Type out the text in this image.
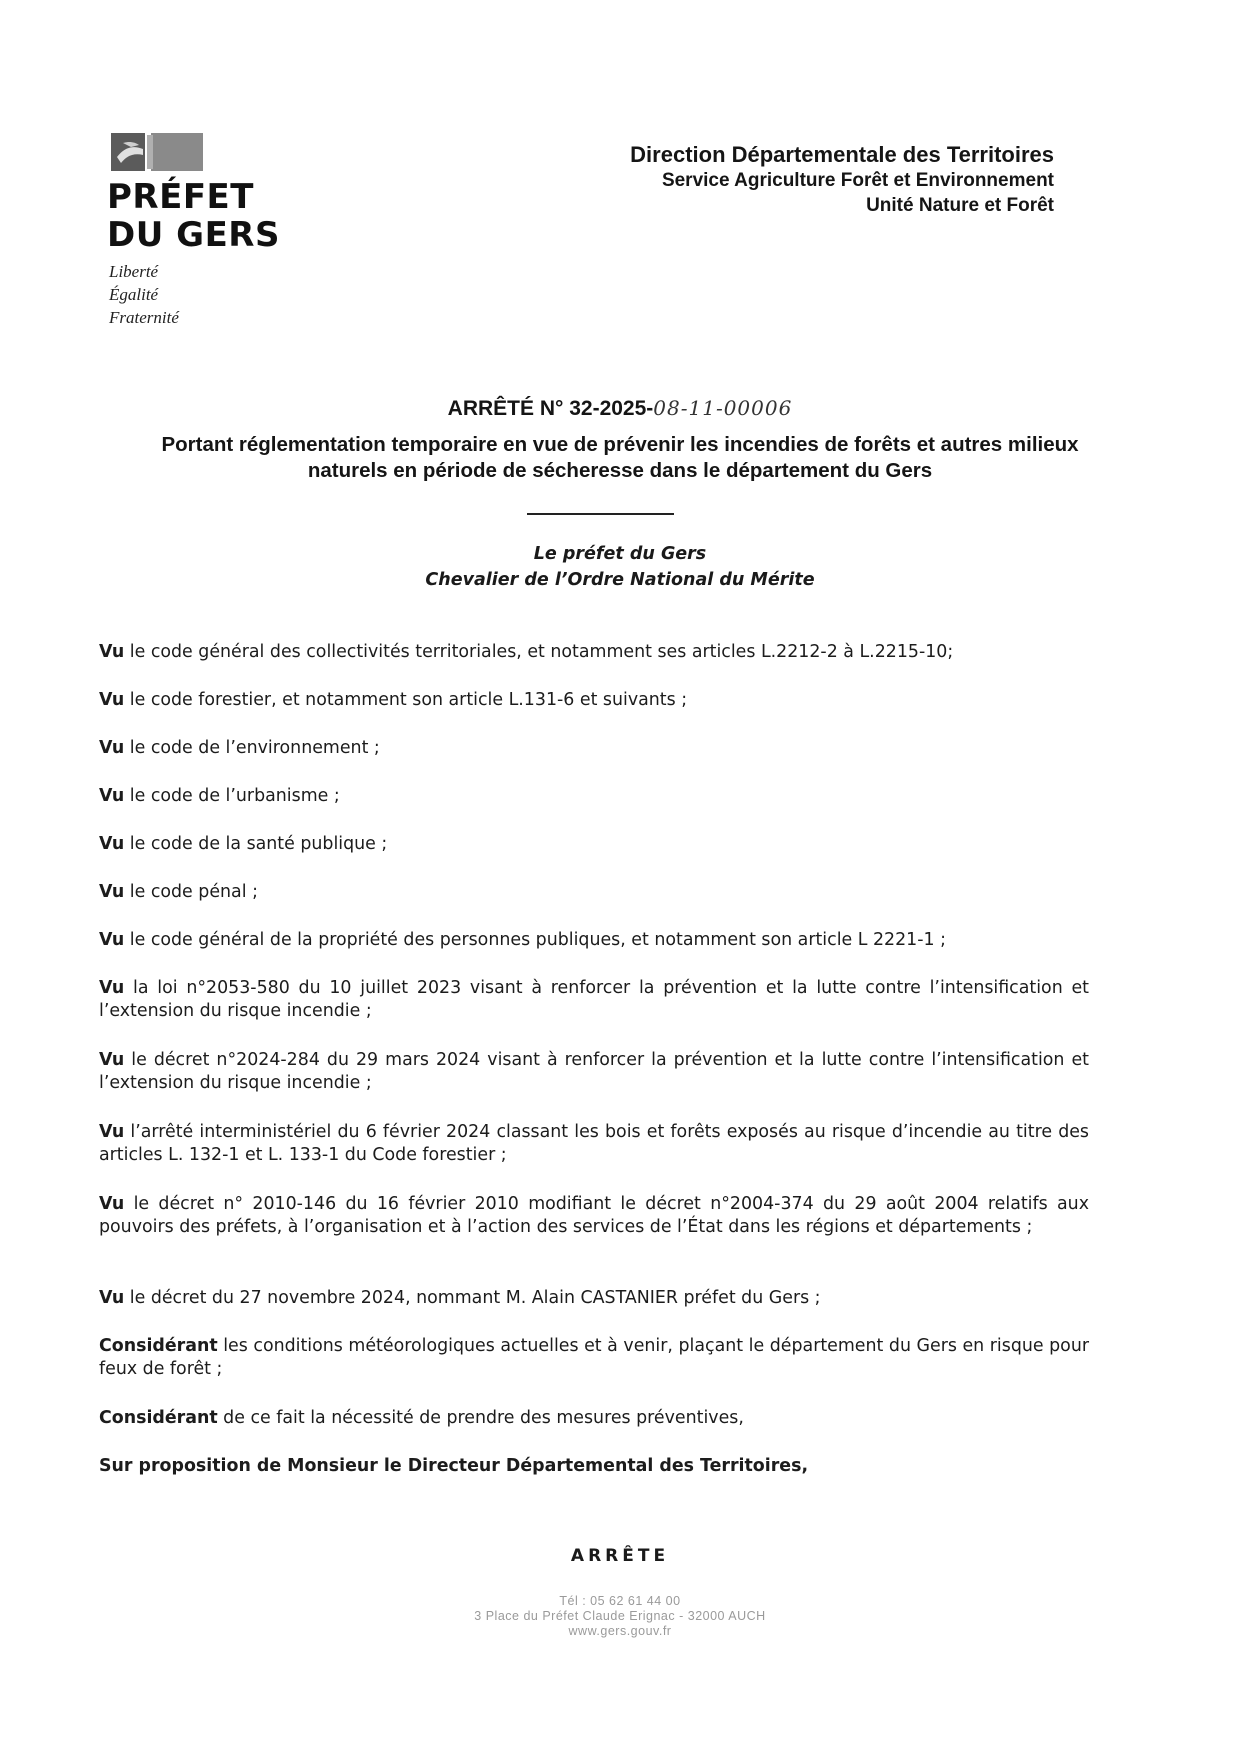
PRÉFET
DU GERS
Liberté
Égalité
Fraternité
Direction Départementale des Territoires
Service Agriculture Forêt et Environnement
Unité Nature et Forêt
ARRÊTÉ N° 32-2025-08-11-00006
Portant réglementation temporaire en vue de prévenir les incendies de forêts et autres milieux
naturels en période de sécheresse dans le département du Gers
Le préfet du Gers
Chevalier de l’Ordre National du Mérite
Vu le code général des collectivités territoriales, et notamment ses articles L.2212-2 à L.2215-10;
Vu le code forestier, et notamment son article L.131-6 et suivants ;
Vu le code de l’environnement ;
Vu le code de l’urbanisme ;
Vu le code de la santé publique ;
Vu le code pénal ;
Vu le code général de la propriété des personnes publiques, et notamment son article L 2221-1 ;
Vu la loi n°2053-580 du 10 juillet 2023 visant à renforcer la prévention et la lutte contre l’intensification et l’extension du risque incendie ;
Vu le décret n°2024-284 du 29 mars 2024 visant à renforcer la prévention et la lutte contre l’intensification et l’extension du risque incendie ;
Vu l’arrêté interministériel du 6 février 2024 classant les bois et forêts exposés au risque d’incendie au titre des articles L. 132-1 et L. 133-1 du Code forestier ;
Vu le décret n° 2010-146 du 16 février 2010 modifiant le décret n°2004-374 du 29 août 2004 relatifs aux pouvoirs des préfets, à l’organisation et à l’action des services de l’État dans les régions et départements ;
Vu le décret du 27 novembre 2024, nommant M. Alain CASTANIER préfet du Gers ;
Considérant les conditions météorologiques actuelles et à venir, plaçant le département du Gers en risque pour feux de forêt ;
Considérant de ce fait la nécessité de prendre des mesures préventives,
Sur proposition de Monsieur le Directeur Départemental des Territoires,
ARRÊTE
Tél : 05 62 61 44 00
3 Place du Préfet Claude Erignac - 32000 AUCH
www.gers.gouv.fr
